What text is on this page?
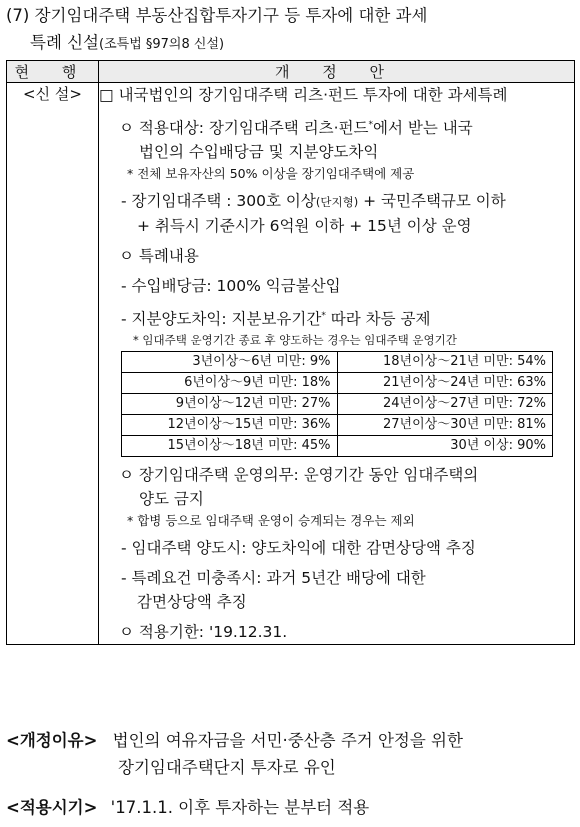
(7) 장기임대주택 부동산집합투자기구 등 투자에 대한 과세
특례 신설(조특법 §97의8 신설)
현 행	개 정 안
<신 설>	□ 내국법인의 장기임대주택 리츠·펀드 투자에 대한 과세특례
ㅇ 적용대상: 장기임대주택 리츠·펀드*에서 받는 내국
법인의 수입배당금 및 지분양도차익
* 전체 보유자산의 50% 이상을 장기임대주택에 제공
- 장기임대주택 : 300호 이상(단지형) + 국민주택규모 이하
+ 취득시 기준시가 6억원 이하 + 15년 이상 운영
ㅇ 특례내용
- 수입배당금: 100% 익금불산입
- 지분양도차익: 지분보유기간* 따라 차등 공제
* 임대주택 운영기간 종료 후 양도하는 경우는 임대주택 운영기간
3년이상～6년 미만: 9%	18년이상～21년 미만: 54%
6년이상～9년 미만: 18%	21년이상～24년 미만: 63%
9년이상～12년 미만: 27%	24년이상～27년 미만: 72%
12년이상～15년 미만: 36%	27년이상～30년 미만: 81%
15년이상～18년 미만: 45%	30년 이상: 90%
ㅇ 장기임대주택 운영의무: 운영기간 동안 임대주택의
양도 금지
* 합병 등으로 임대주택 운영이 승계되는 경우는 제외
- 임대주택 양도시: 양도차익에 대한 감면상당액 추징
- 특례요건 미충족시: 과거 5년간 배당에 대한
감면상당액 추징
ㅇ 적용기한: '19.12.31.
<개정이유> 법인의 여유자금을 서민·중산층 주거 안정을 위한
장기임대주택단지 투자로 유인
<적용시기> '17.1.1. 이후 투자하는 분부터 적용
